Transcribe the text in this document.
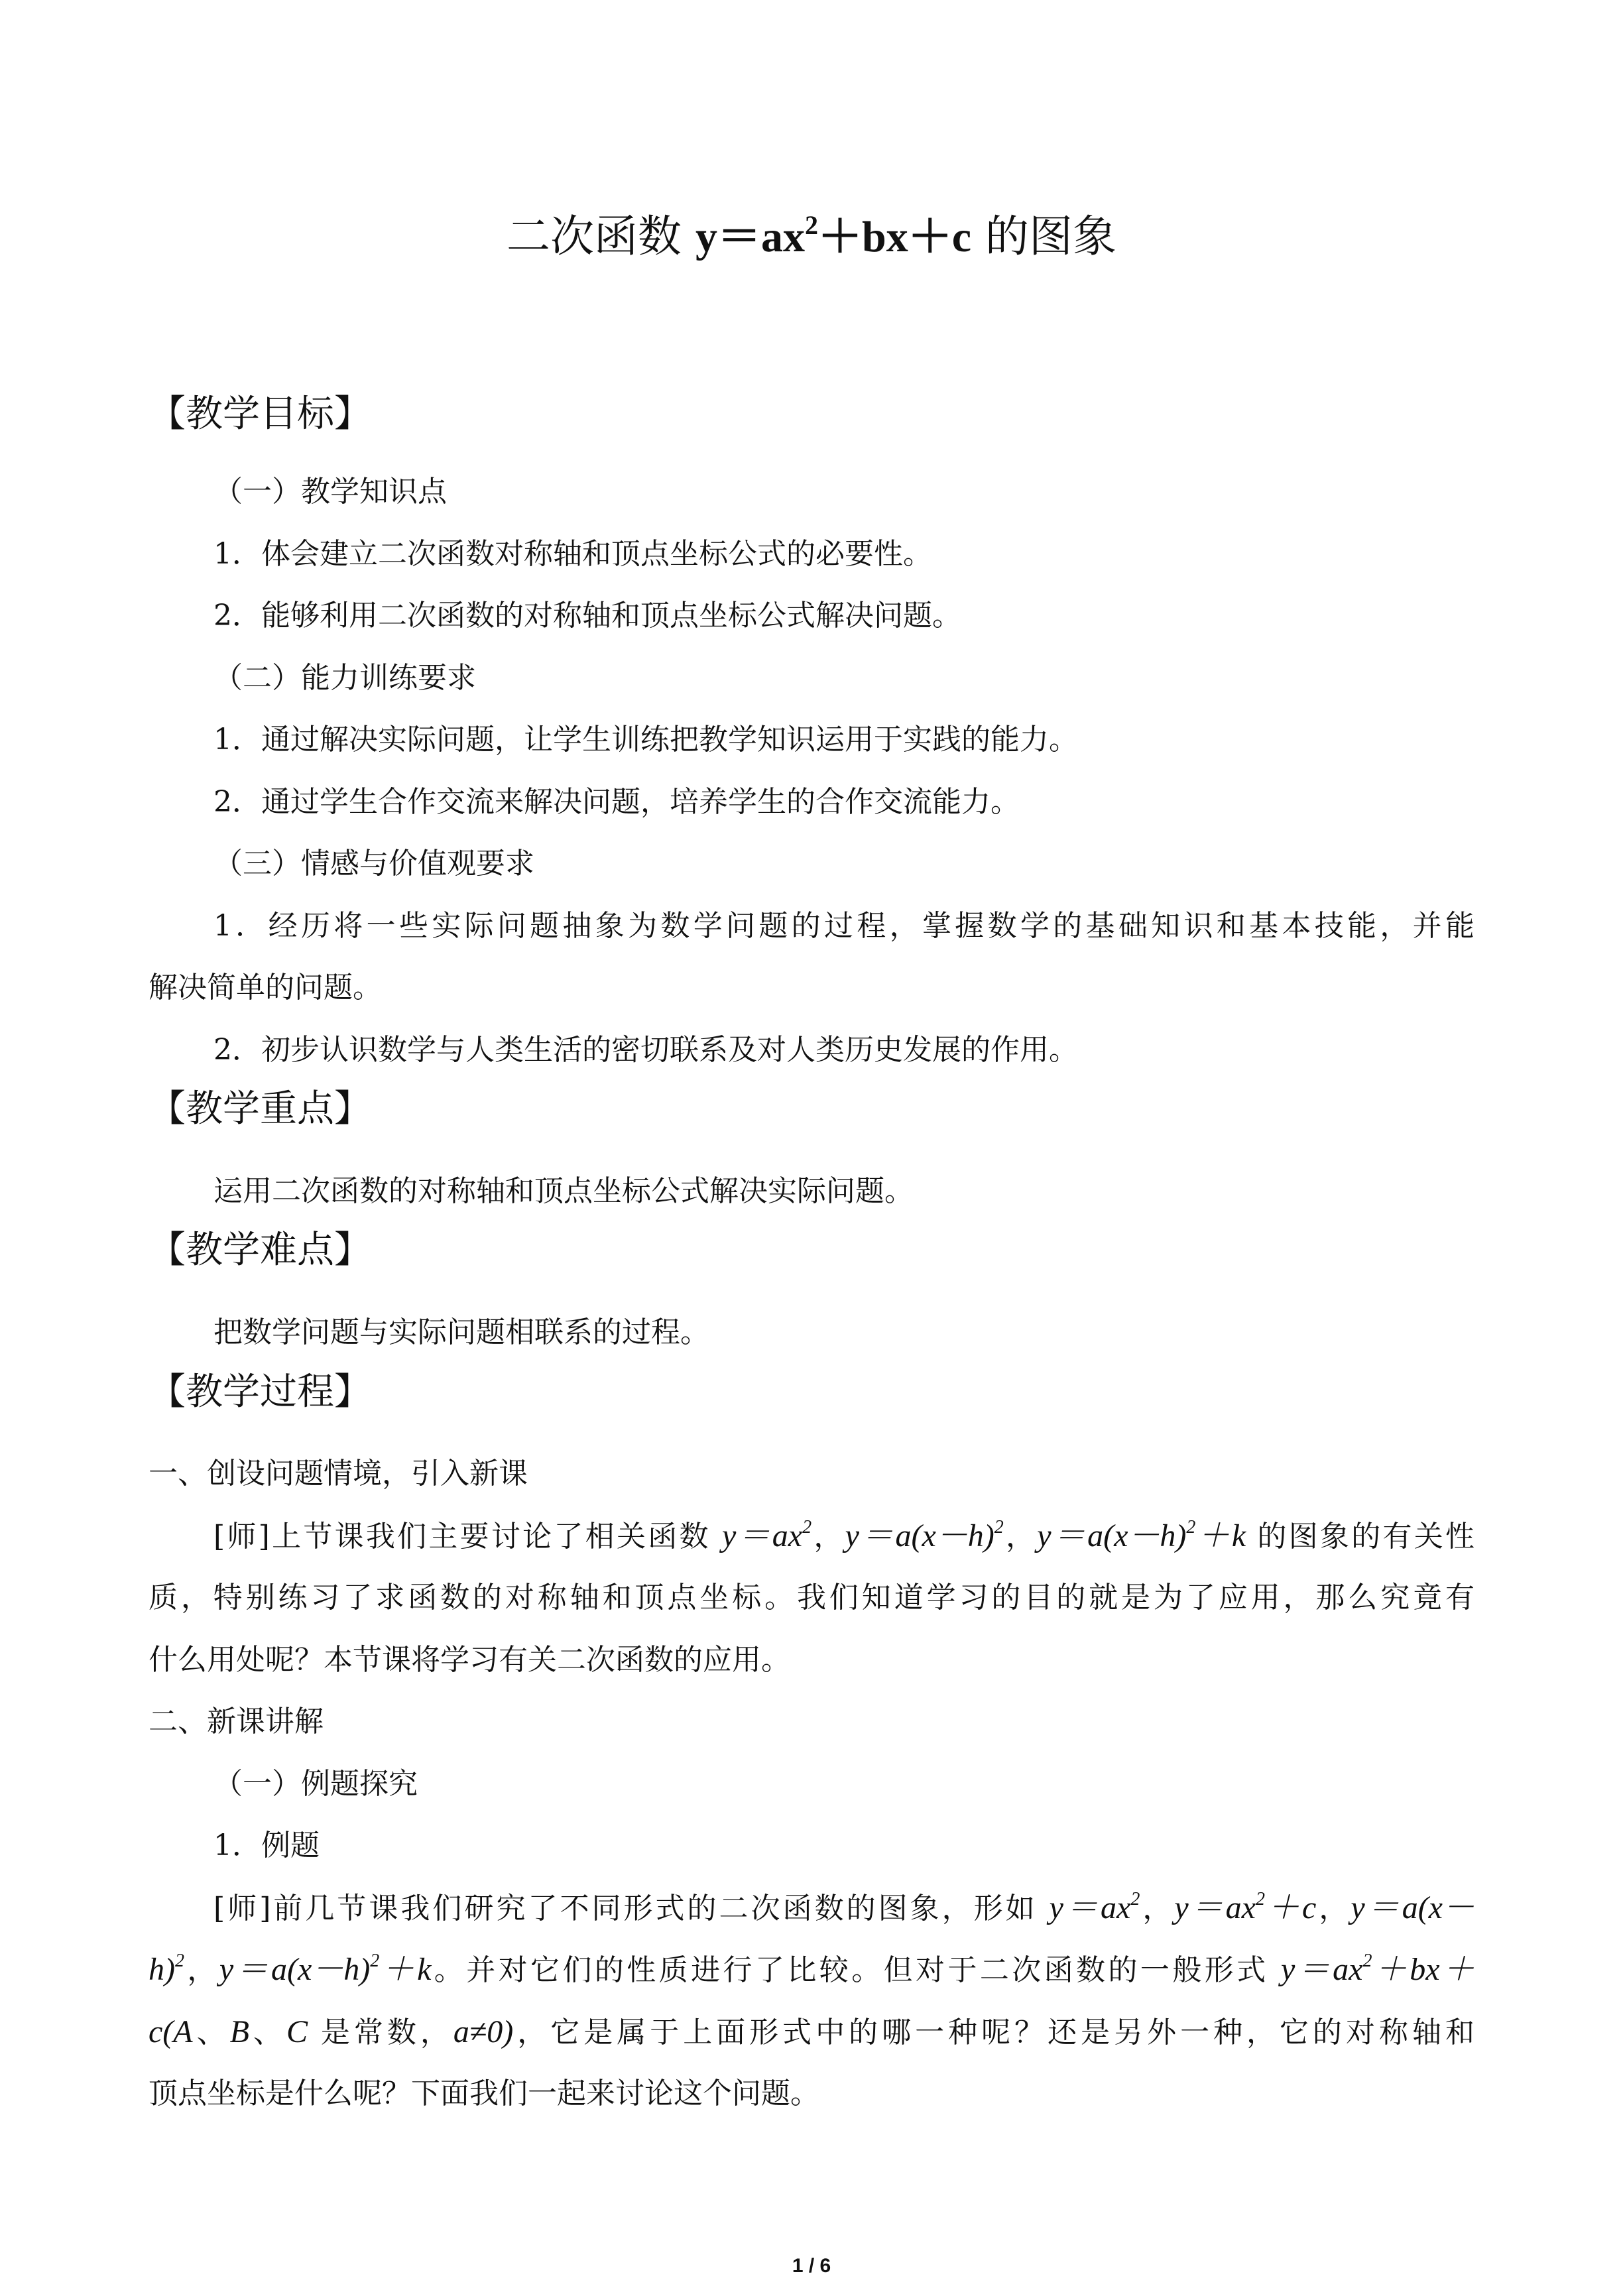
二次函数 $y=ax^2+bx+c$ 的图象
【教学目标】
（一）教学知识点
1．体会建立二次函数对称轴和顶点坐标公式的必要性。
2．能够利用二次函数的对称轴和顶点坐标公式解决问题。
（二）能力训练要求
1．通过解决实际问题，让学生训练把教学知识运用于实践的能力。
2．通过学生合作交流来解决问题，培养学生的合作交流能力。
（三）情感与价值观要求
1．经历将一些实际问题抽象为数学问题的过程，掌握数学的基础知识和基本技能，并能
解决简单的问题。
2．初步认识数学与人类生活的密切联系及对人类历史发展的作用。
【教学重点】
运用二次函数的对称轴和顶点坐标公式解决实际问题。
【教学难点】
把数学问题与实际问题相联系的过程。
【教学过程】
一、创设问题情境，引入新课
[师]上节课我们主要讨论了相关函数 $y=ax^2$，$y=a(x-h)^2$，$y=a(x-h)^2+k$ 的图象的有关性
质，特别练习了求函数的对称轴和顶点坐标。我们知道学习的目的就是为了应用，那么究竟有
什么用处呢？本节课将学习有关二次函数的应用。
二、新课讲解
（一）例题探究
1．例题
[师]前几节课我们研究了不同形式的二次函数的图象，形如 $y=ax^2$，$y=ax^2+c$，y＝a(x－
h)$^2$，$y=a(x-h)^2+k$。并对它们的性质进行了比较。但对于二次函数的一般形式 $y=ax^2+bx+$
c(A、B、C 是常数，a≠0)，它是属于上面形式中的哪一种呢？还是另外一种，它的对称轴和
顶点坐标是什么呢？下面我们一起来讨论这个问题。
1 / 6
